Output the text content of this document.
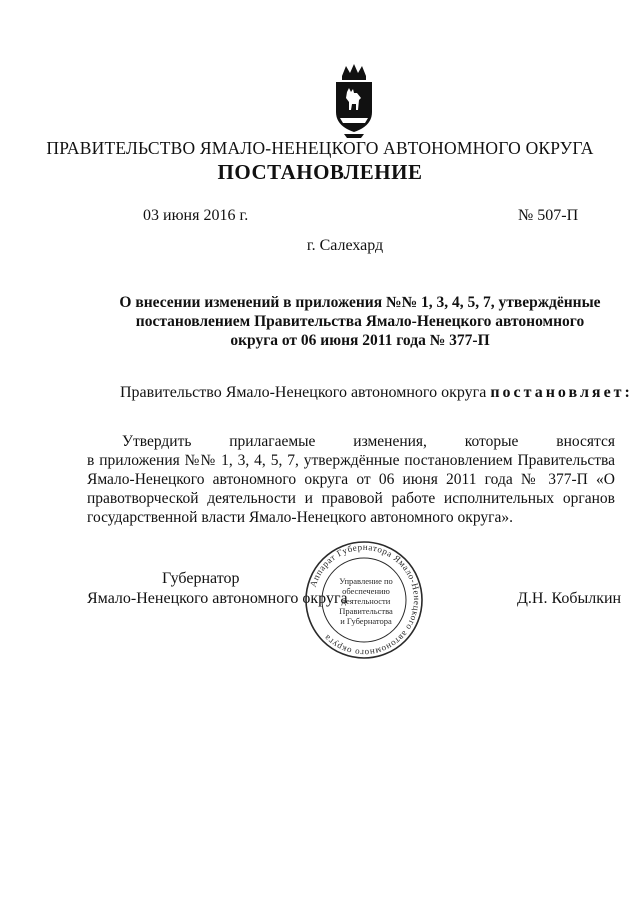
ПРАВИТЕЛЬСТВО ЯМАЛО-НЕНЕЦКОГО АВТОНОМНОГО ОКРУГА
ПОСТАНОВЛЕНИЕ
03 июня 2016 г.	№ 507-П
г. Салехард
О внесении изменений в приложения №№ 1, 3, 4, 5, 7, утверждённые
постановлением Правительства Ямало-Ненецкого автономного
округа от 06 июня 2011 года № 377-П
Правительство Ямало-Ненецкого автономного округа постановляет:
Утвердить прилагаемые изменения, которые вносятся
в приложения №№ 1, 3, 4, 5, 7, утверждённые постановлением Правительства Ямало-Ненецкого автономного округа от 06 июня 2011 года № 377-П «О правотворческой деятельности и правовой работе исполнительных органов государственной власти Ямало-Ненецкого автономного округа».
Губернатор
Ямало-Ненецкого автономного округа	Д.Н. Кобылкин
Аппарат Губернатора Ямало-Ненецкого автономного округа
Управление по
обеспечению
деятельности
Правительства
и Губернатора
